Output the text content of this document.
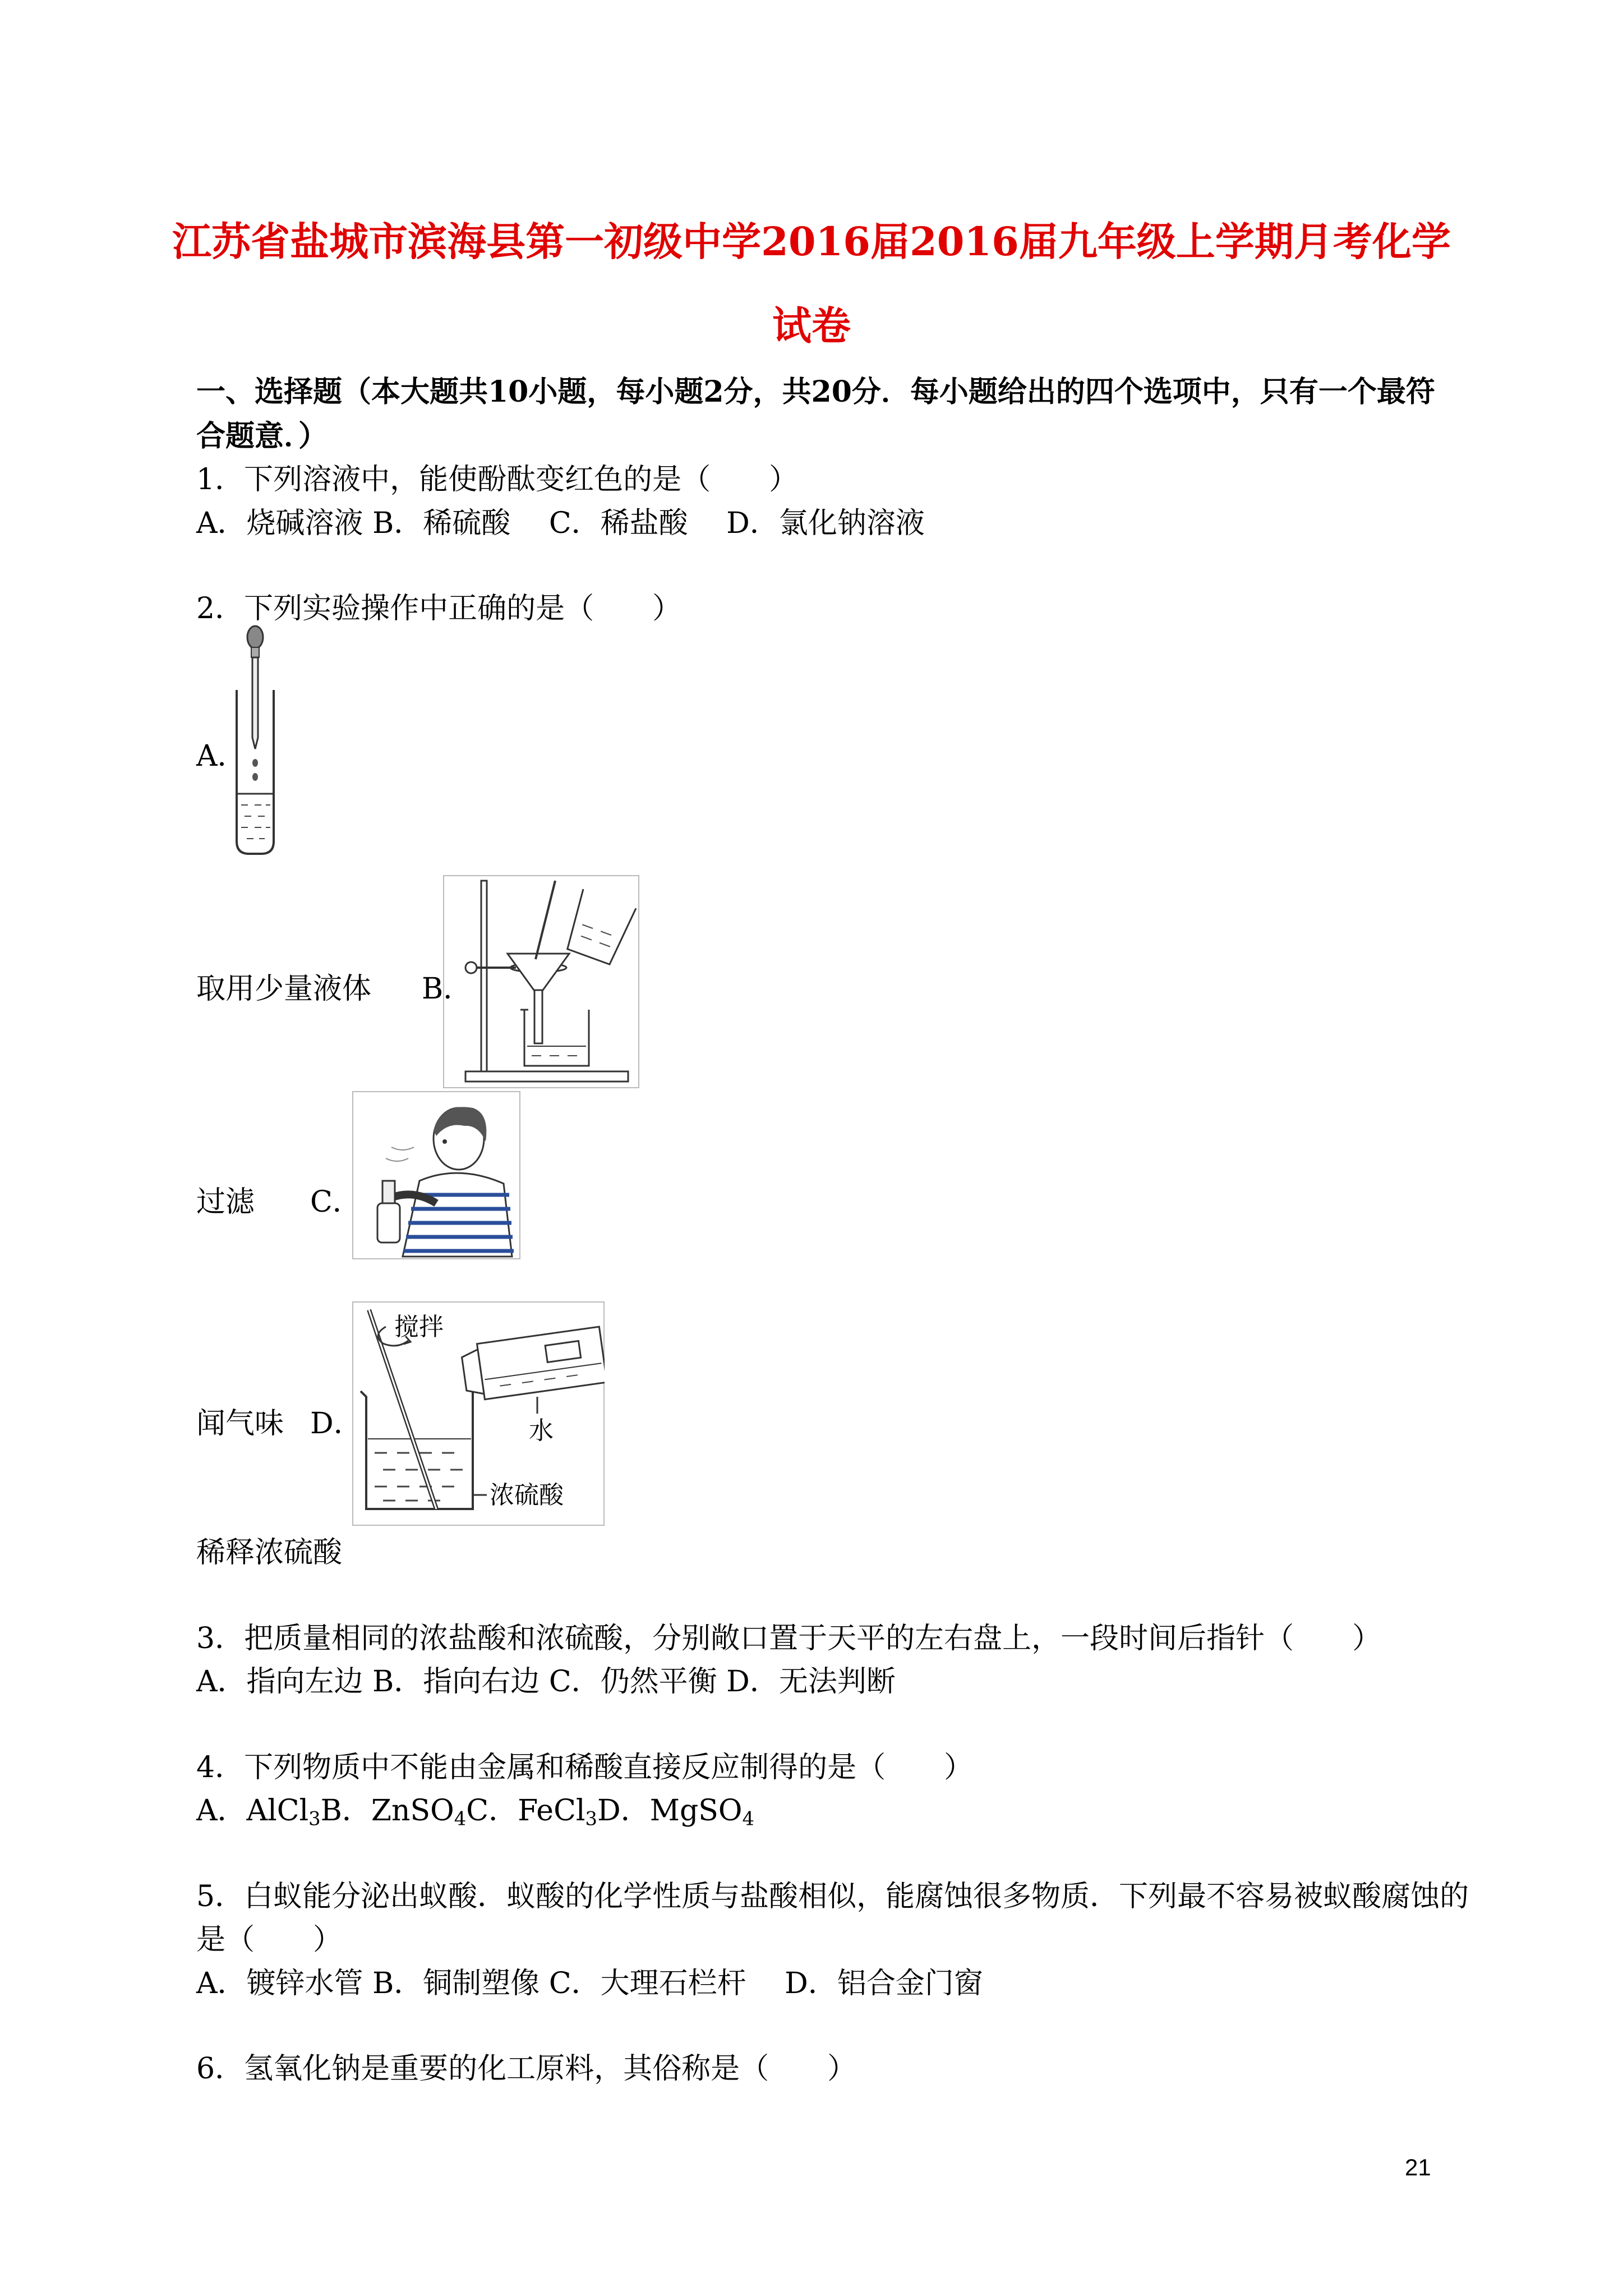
江苏省盐城市滨海县第一初级中学2016届2016届九年级上学期月考化学
试卷
一、选择题（本大题共10小题，每小题2分，共20分．每小题给出的四个选项中，只有一个最符
合题意．）
1．下列溶液中，能使酚酞变红色的是（　　）
A．烧碱溶液 B．稀硫酸　 C．稀盐酸　 D．氯化钠溶液
2．下列实验操作中正确的是（　　）
A．
取用少量液体 B．
过滤 C．
搅拌
水
浓硫酸
闻气味 D．
稀释浓硫酸
3．把质量相同的浓盐酸和浓硫酸，分别敞口置于天平的左右盘上，一段时间后指针（　　）
A．指向左边 B．指向右边 C．仍然平衡 D．无法判断
4．下列物质中不能由金属和稀酸直接反应制得的是（　　）
A．AlCl$_3$B．ZnSO$_4$C．FeCl$_3$D．MgSO$_4$
5．白蚁能分泌出蚁酸．蚁酸的化学性质与盐酸相似，能腐蚀很多物质．下列最不容易被蚁酸腐蚀的
是（　　）
A．镀锌水管 B．铜制塑像 C．大理石栏杆　 D．铝合金门窗
6．氢氧化钠是重要的化工原料，其俗称是（　　）
21
